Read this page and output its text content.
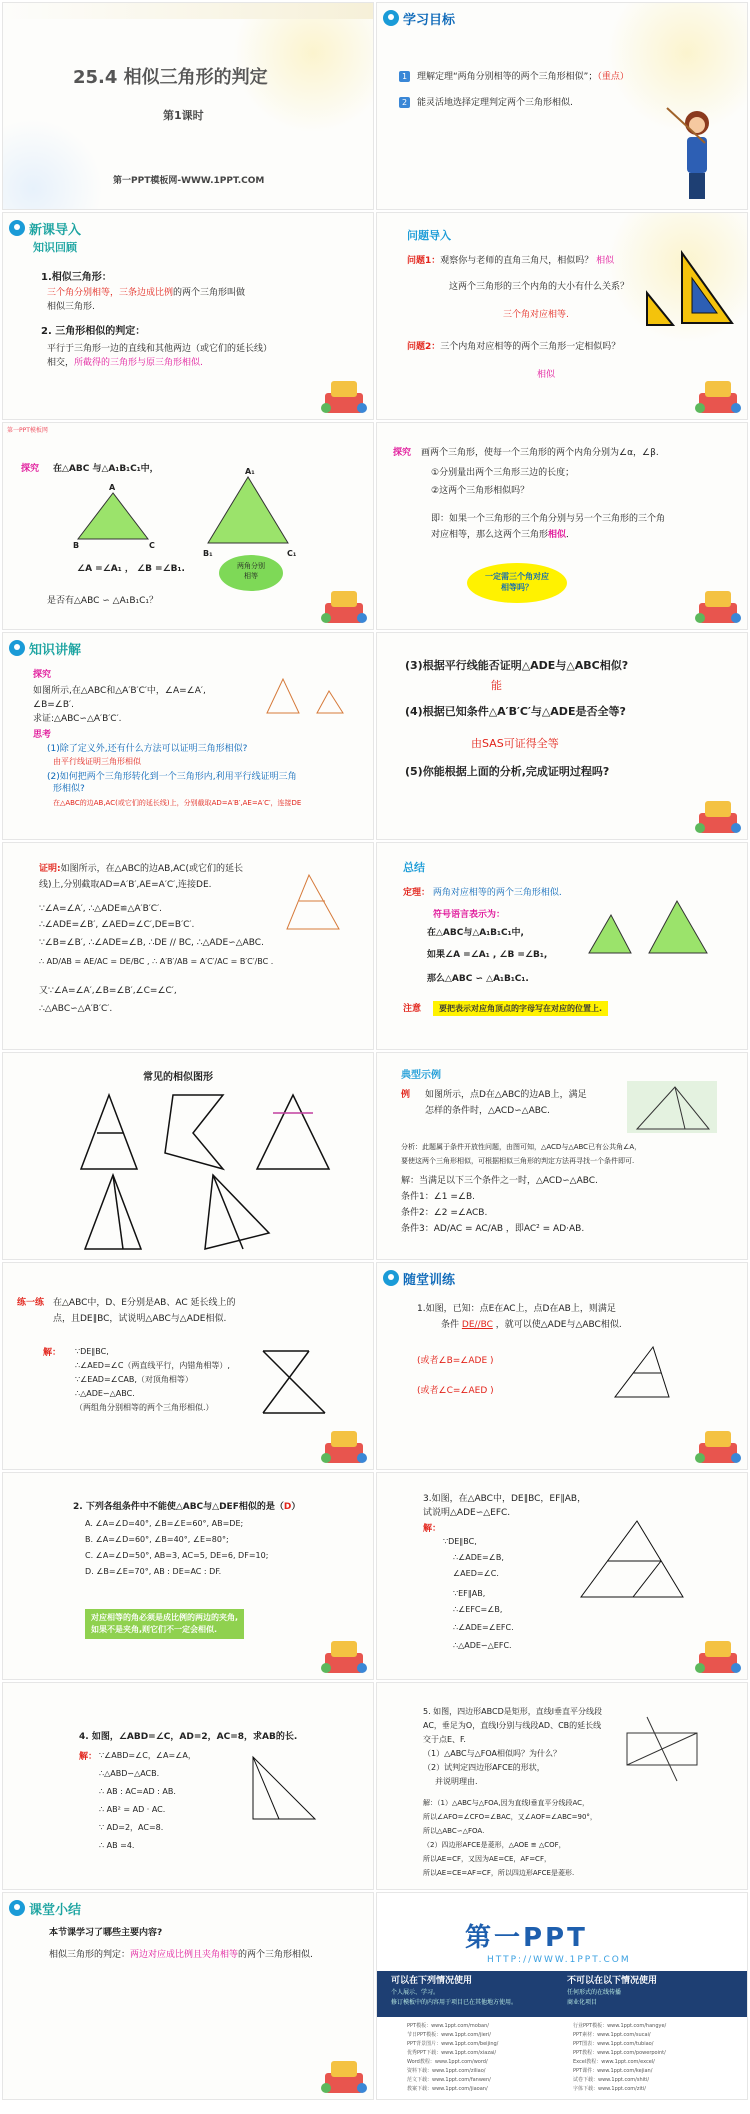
25.4 相似三角形的判定
第1课时
第一PPT模板网-WWW.1PPT.COM
学习目标
1	理解定理“两角分别相等的两个三角形相似”；（重点）
2	能灵活地选择定理判定两个三角形相似.
新课导入
知识回顾
1.相似三角形：
三个角分别相等，三条边成比例的两个三角形叫做
相似三角形.
2. 三角形相似的判定：
平行于三角形一边的直线和其他两边（或它们的延长线）
相交，所截得的三角形与原三角形相似.
问题导入
问题1：观察你与老师的直角三角尺，相似吗？ 相似
这两个三角形的三个内角的大小有什么关系？
三个角对应相等.
问题2：三个内角对应相等的两个三角形一定相似吗？
相似
第一PPT模板网
探究 在△ABC 与△A₁B₁C₁中，
A
B	C
A₁
B₁	C₁
∠A =∠A₁ ， ∠B =∠B₁.	两角分别
相等
是否有△ABC ∽ △A₁B₁C₁？
探究 画两个三角形，使每一个三角形的两个内角分别为∠α，∠β.
①分别量出两个三角形三边的长度；
②这两个三角形相似吗？
即：如果一个三角形的三个角分别与另一个三角形的三个角
对应相等，那么这两个三角形相似．
一定需三个角对应
相等吗？
知识讲解
探究
如图所示,在△ABC和△A′B′C′中，∠A=∠A′,
∠B=∠B′.
求证:△ABC∽△A′B′C′.
思考
(1)除了定义外,还有什么方法可以证明三角形相似?
由平行线证明三角形相似
(2)如何把两个三角形转化到一个三角形内,利用平行线证明三角
形相似?
在△ABC的边AB,AC(或它们的延长线)上，分别截取AD=A′B′,AE=A′C′，连接DE
(3)根据平行线能否证明△ADE与△ABC相似?
能
(4)根据已知条件△A′B′C′与△ADE是否全等?
由SAS可证得全等
(5)你能根据上面的分析,完成证明过程吗?
证明:如图所示，在△ABC的边AB,AC(或它们的延长
线)上,分别截取AD=A′B′,AE=A′C′,连接DE.
∵∠A=∠A′, ∴△ADE≌△A′B′C′.
∴∠ADE=∠B′, ∠AED=∠C′,DE=B′C′.
∵∠B=∠B′, ∴∠ADE=∠B, ∴DE // BC, ∴△ADE∽△ABC.
∴ AD/AB = AE/AC = DE/BC , ∴ A′B′/AB = A′C′/AC = B′C′/BC .
又∵∠A=∠A′,∠B=∠B′,∠C=∠C′,
∴△ABC∽△A′B′C′.
总结
定理： 两角对应相等的两个三角形相似.
符号语言表示为：
在△ABC与△A₁B₁C₁中,
如果∠A =∠A₁ , ∠B =∠B₁,
那么△ABC ∽ △A₁B₁C₁.
注意	要把表示对应角顶点的字母写在对应的位置上.
常见的相似图形	典型示例
例 如图所示，点D在△ABC的边AB上，满足
怎样的条件时，△ACD∽△ABC.
分析：此题属于条件开放性问题，由图可知，△ACD与△ABC已有公共角∠A，
要使这两个三角形相似，可根据相似三角形的判定方法再寻找一个条件即可.
解：当满足以下三个条件之一时，△ACD∽△ABC.
条件1：∠1 =∠B.
条件2：∠2 =∠ACB.
条件3：AD/AC = AC/AB ，即AC² = AD·AB.
练一练 在△ABC中，D、E分别是AB、AC 延长线上的
点，且DE∥BC，试说明△ABC与△ADE相似.
解： ∵DE∥BC,
∴∠AED=∠C（两直线平行，内错角相等）,
∵∠EAD=∠CAB,（对顶角相等）
∴△ADE∽△ABC.
（两组角分别相等的两个三角形相似.）
随堂训练
1.如图，已知：点E在AC上，点D在AB上，则满足
条件 DE//BC ，就可以使△ADE与△ABC相似.
(或者∠B=∠ADE )
(或者∠C=∠AED )
2. 下列各组条件中不能使△ABC与△DEF相似的是（D）
A. ∠A=∠D=40°, ∠B=∠E=60°, AB=DE;
B. ∠A=∠D=60°, ∠B=40°, ∠E=80°;
C. ∠A=∠D=50°, AB=3, AC=5, DE=6, DF=10;
D. ∠B=∠E=70°, AB : DE=AC : DF.
对应相等的角必须是成比例的两边的夹角,
如果不是夹角,则它们不一定会相似.
3.如图，在△ABC中，DE∥BC，EF∥AB，
试说明△ADE∽△EFC.
解：
∵DE∥BC,
∴∠ADE=∠B,
∠AED=∠C.
∵EF∥AB,
∴∠EFC=∠B,
∴∠ADE=∠EFC.
∴△ADE∽△EFC.
4. 如图，∠ABD=∠C，AD=2，AC=8，求AB的长.
解： ∵∠ABD=∠C，∠A=∠A，
∴△ABD∽△ACB.
∴ AB : AC=AD : AB.
∴ AB² = AD · AC.
∵ AD=2，AC=8.
∴ AB =4.
5. 如图，四边形ABCD是矩形，直线l垂直平分线段
AC，垂足为O，直线l分别与线段AD、CB的延长线
交于点E、F.
（1）△ABC与△FOA相似吗？为什么？
（2）试判定四边形AFCE的形状，
并说明理由.
解：（1）△ABC与△FOA,因为直线l垂直平分线段AC，
所以∠AFO=∠CFO=∠BAC，又∠AOF=∠ABC=90°，
所以△ABC∽△FOA.
（2）四边形AFCE是菱形，△AOE ≌ △COF，
所以AE=CF，又因为AE=CE，AF=CF，
所以AE=CE=AF=CF，所以四边形AFCE是菱形.
课堂小结
本节课学习了哪些主要内容?
相似三角形的判定：两边对应成比例且夹角相等的两个三角形相似.
第一PPT
HTTP://WWW.1PPT.COM
可以在下列情况使用	不可以在以下情况使用
个人展示、学习。
修订模板中的内容用于项目已在其他地方使用。
任何形式的在线传播
商业化项目
PPT模板：www.1ppt.com/moban/
节日PPT模板：www.1ppt.com/jieri/
PPT背景图片：www.1ppt.com/beijing/
优秀PPT下载：www.1ppt.com/xiazai/
Word教程：www.1ppt.com/word/
资料下载：www.1ppt.com/ziliao/
范文下载：www.1ppt.com/fanwen/
教案下载：www.1ppt.com/jiaoan/
行业PPT模板：www.1ppt.com/hangye/
PPT素材：www.1ppt.com/sucai/
PPT图表：www.1ppt.com/tubiao/
PPT教程：www.1ppt.com/powerpoint/
Excel教程：www.1ppt.com/excel/
PPT课件：www.1ppt.com/kejian/
试卷下载：www.1ppt.com/shiti/
字体下载：www.1ppt.com/ziti/
